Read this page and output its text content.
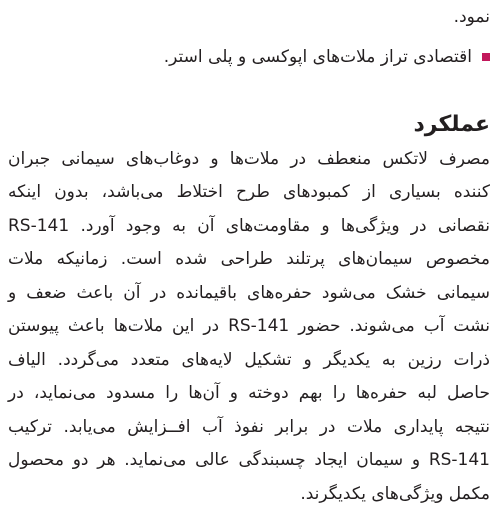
نمود.
اقتصادی تراز ملات‌های اپوکسی و پلی استر.
عملکرد
مصرف لاتکس منعطف در ملات‌ها و دوغاب‌های سیمانی جبران
کننده بسیاری از کمبودهای طرح اختلاط می‌باشد، بدون اینکه
نقصانی در ویژگی‌ها و مقاومت‌های آن به وجود آورد. RS-141
مخصوص سیمان‌های پرتلند طراحی شده است. زمانیکه ملات
سیمانی خشک می‌شود حفره‌های باقیمانده در آن باعث ضعف و
نشت آب می‌شوند. حضور RS-141 در این ملات‌ها باعث پیوستن
ذرات رزین به یکدیگر و تشکیل لایه‌های متعدد می‌گردد. الیاف
حاصل لبه حفره‌ها را بهم دوخته و آن‌ها را مسدود می‌نماید، در
نتیجه پایداری ملات در برابر نفوذ آب افــزایش می‌یابد. ترکیب
RS-141 و سیمان ایجاد چسبندگی عالی می‌نماید. هر دو محصول
مکمل ویژگی‌های یکدیگرند.
